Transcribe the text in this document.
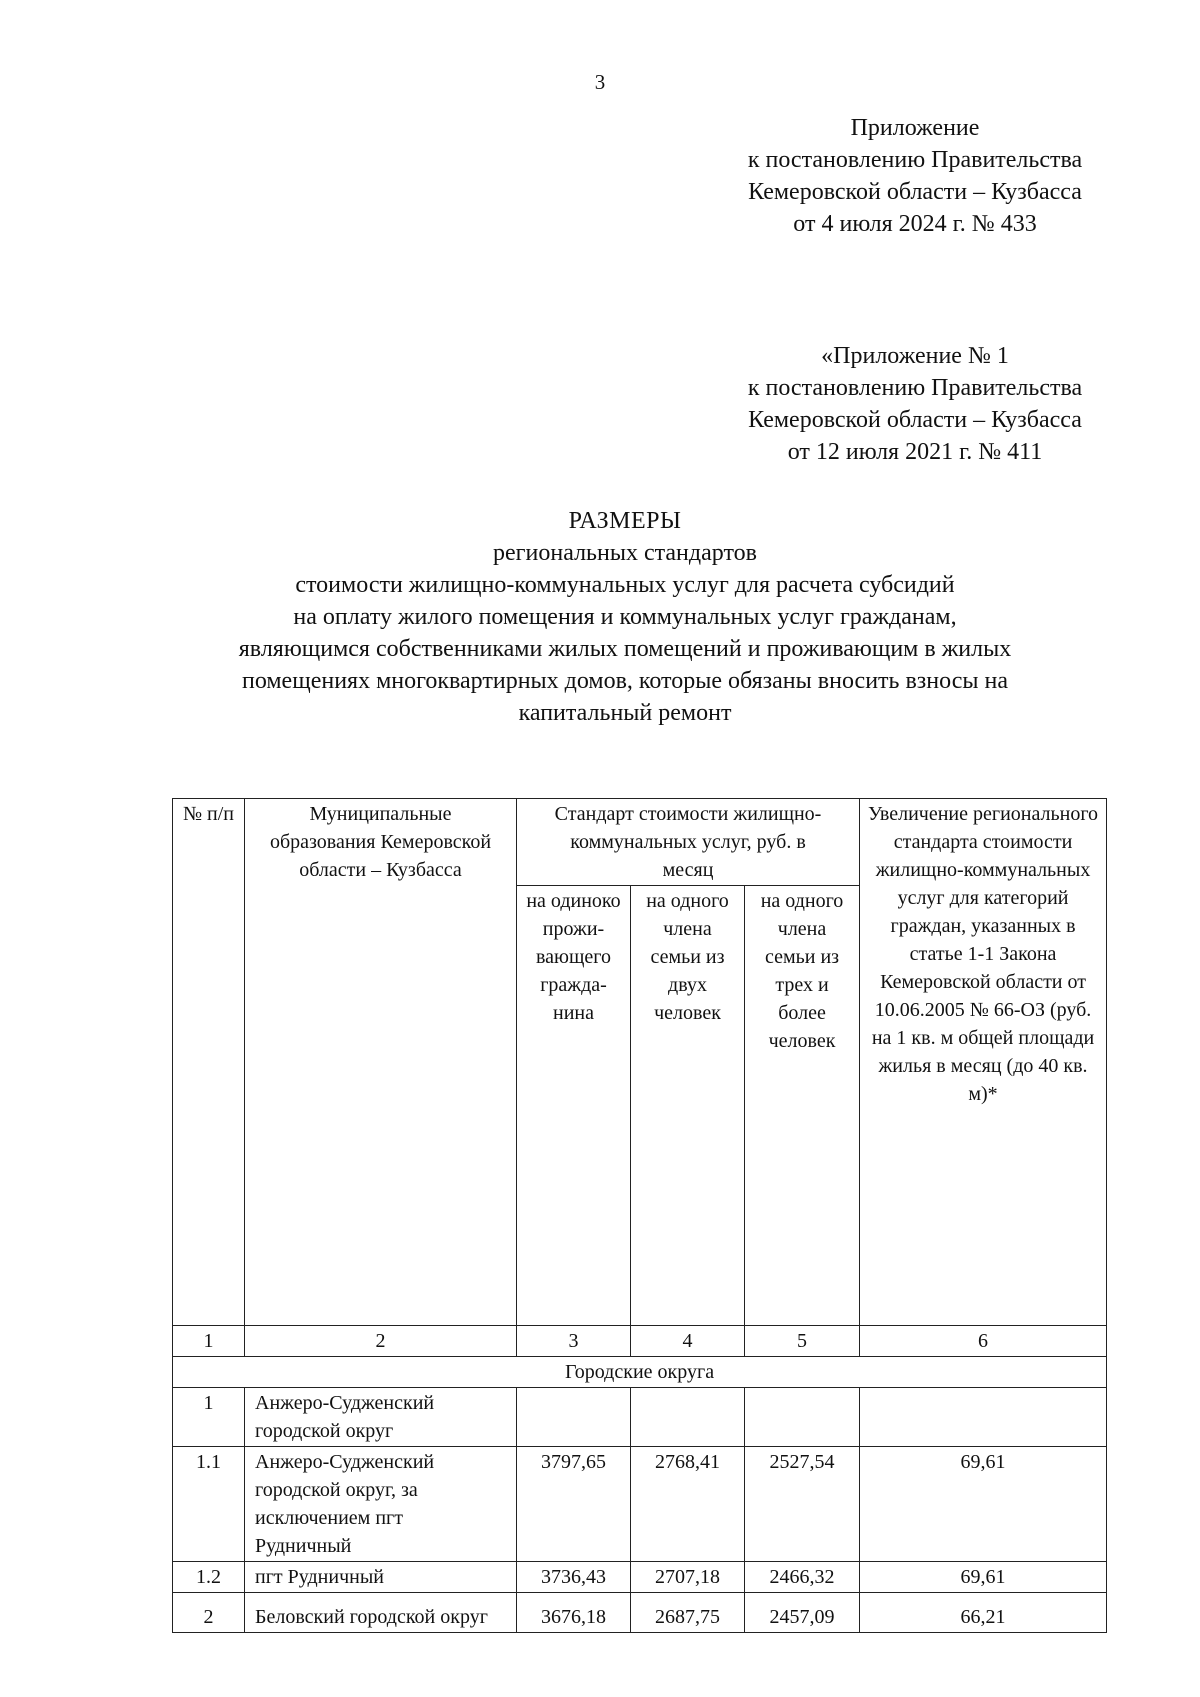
3
Приложение
к постановлению Правительства
Кемеровской области – Кузбасса
от 4 июля 2024 г. № 433
«Приложение № 1
к постановлению Правительства
Кемеровской области – Кузбасса
от 12 июля 2021 г. № 411
РАЗМЕРЫ
региональных стандартов
стоимости жилищно-коммунальных услуг для расчета субсидий
на оплату жилого помещения и коммунальных услуг гражданам,
являющимся собственниками жилых помещений и проживающим в жилых
помещениях многоквартирных домов, которые обязаны вносить взносы на
капитальный ремонт
№ п/п	Муниципальные образования Кемеровской области – Кузбасса	Стандарт стоимости жилищно-коммунальных услуг, руб. в месяц			Увеличение регионального стандарта стоимости жилищно-коммунальных услуг для категорий граждан, указанных в статье 1-1 Закона Кемеровской области от 10.06.2005 № 66-ОЗ (руб. на 1 кв. м общей площади жилья в месяц (до 40 кв. м)*
		на одиноко прожи-вающего гражда-нина	на одного члена семьи из двух человек	на одного члена семьи из трех и более человек	
1	2	3	4	5	6
Городские округа					
1	Анжеро-Судженский городской округ				
1.1	Анжеро-Судженский городской округ, за исключением пгт Рудничный	3797,65	2768,41	2527,54	69,61
1.2	пгт Рудничный	3736,43	2707,18	2466,32	69,61
2	Беловский городской округ	3676,18	2687,75	2457,09	66,21
